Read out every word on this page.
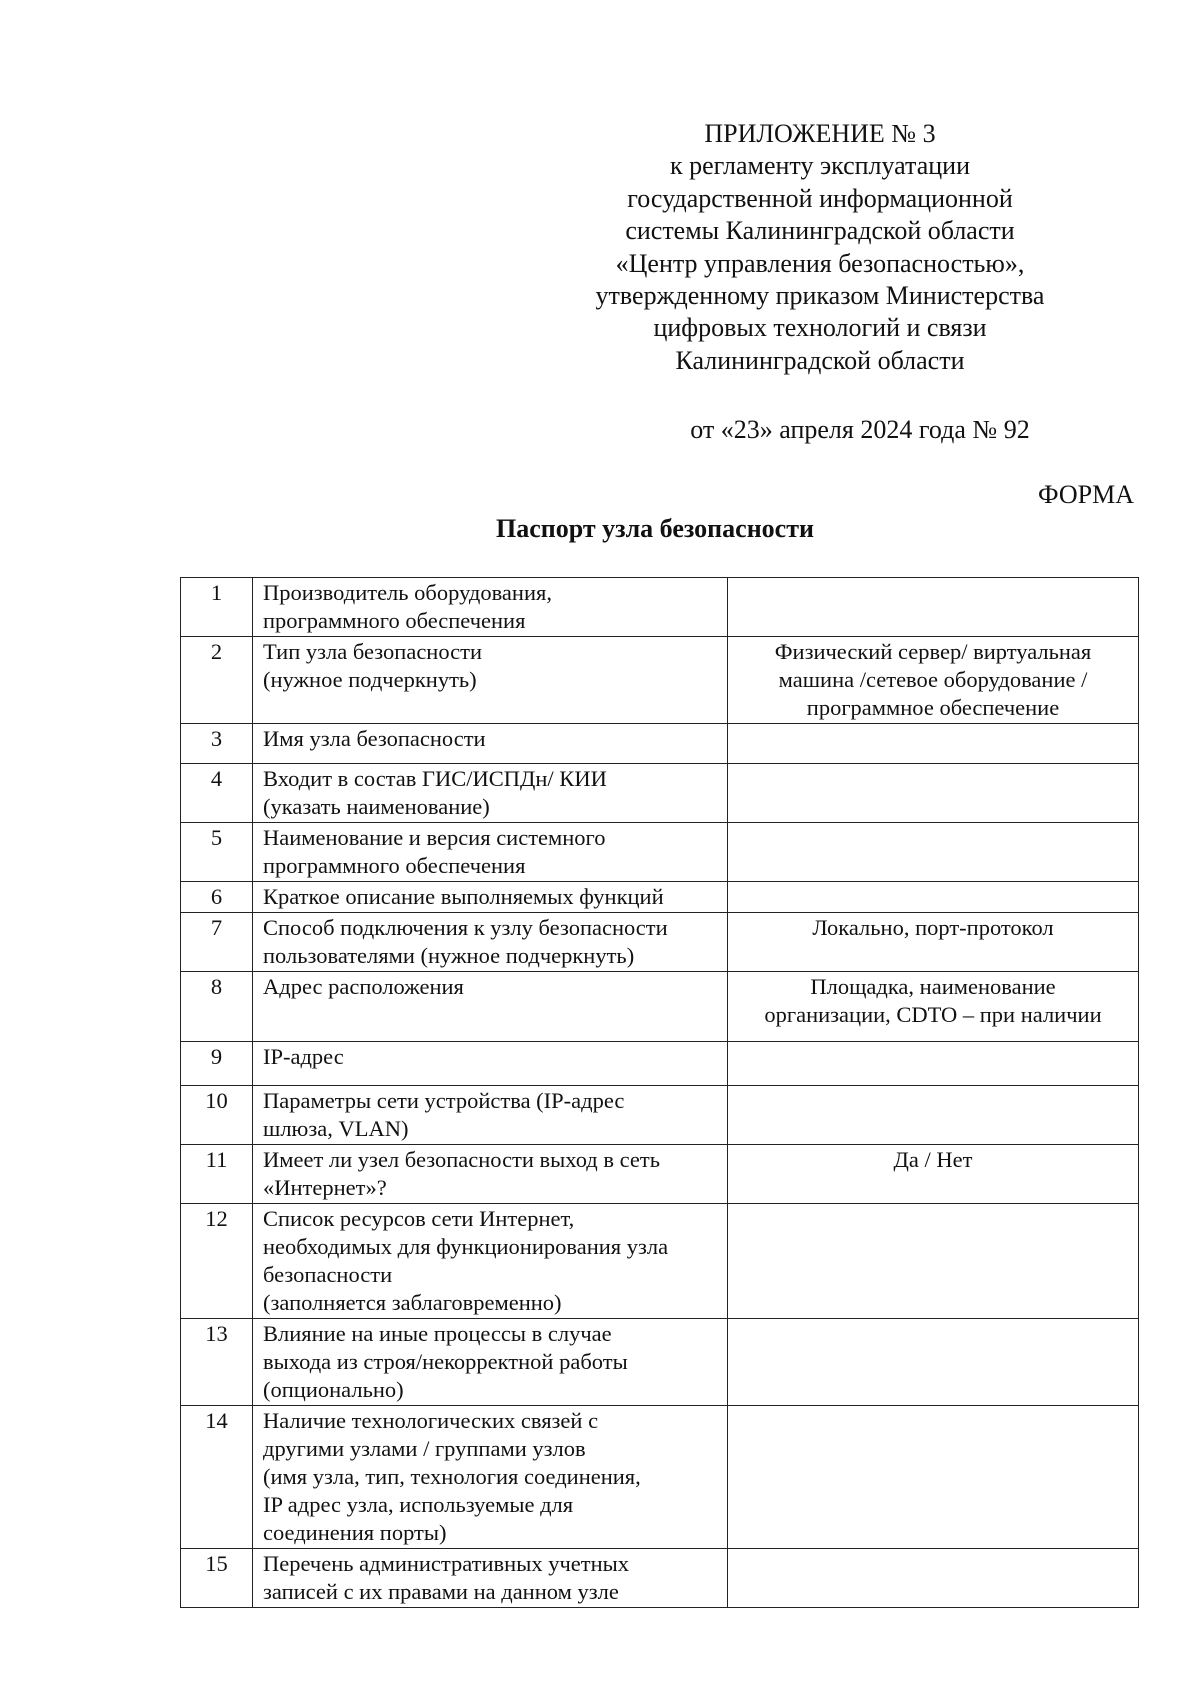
ПРИЛОЖЕНИЕ № 3
к регламенту эксплуатации
государственной информационной
системы Калининградской области
«Центр управления безопасностью»,
утвержденному приказом Министерства
цифровых технологий и связи
Калининградской области
от «23» апреля 2024 года № 92
ФОРМА
Паспорт узла безопасности
1	Производитель оборудования,
программного обеспечения	

2	Тип узла безопасности
(нужное подчеркнуть)	Физический сервер/ виртуальная
машина /сетевое оборудование /
программное обеспечение

3	Имя узла безопасности	

4	Входит в состав ГИС/ИСПДн/ КИИ
(указать наименование)	

5	Наименование и версия системного
программного обеспечения	

6	Краткое описание выполняемых функций	

7	Способ подключения к узлу безопасности
пользователями (нужное подчеркнуть)	Локально, порт-протокол

8	Адрес расположения	Площадка, наименование
организации, CDTO – при наличии

9	IP-адрес	

10	Параметры сети устройства (IP-адрес
шлюза, VLAN)	

11	Имеет ли узел безопасности выход в сеть
«Интернет»?	Да / Нет

12	Список ресурсов сети Интернет,
необходимых для функционирования узла
безопасности
(заполняется заблаговременно)	

13	Влияние на иные процессы в случае
выхода из строя/некорректной работы
(опционально)	

14	Наличие технологических связей с
другими узлами / группами узлов
(имя узла, тип, технология соединения,
IP адрес узла, используемые для
соединения порты)	

15	Перечень административных учетных
записей с их правами на данном узле	
